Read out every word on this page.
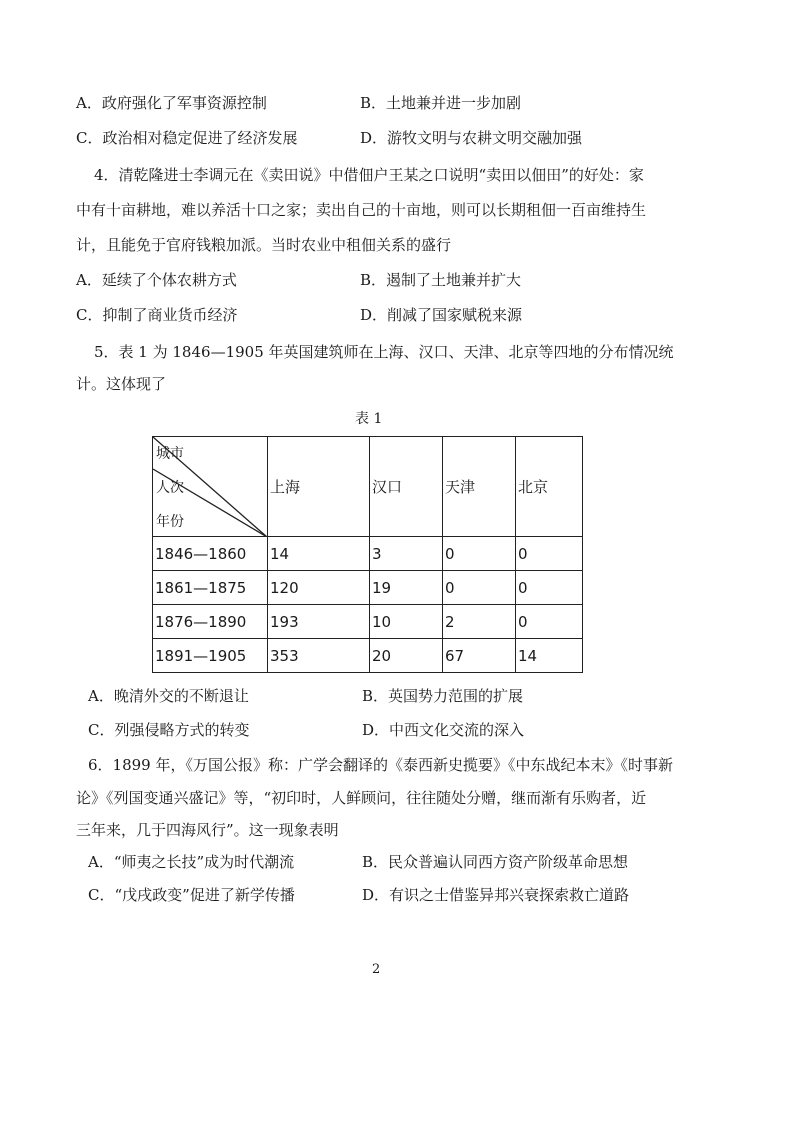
A．政府强化了军事资源控制	B．土地兼并进一步加剧
C．政治相对稳定促进了经济发展	D．游牧文明与农耕文明交融加强
4．清乾隆进士李调元在《卖田说》中借佃户王某之口说明“卖田以佃田”的好处：家
中有十亩耕地，难以养活十口之家；卖出自己的十亩地，则可以长期租佃一百亩维持生
计，且能免于官府钱粮加派。当时农业中租佃关系的盛行
A．延续了个体农耕方式	B．遏制了土地兼并扩大
C．抑制了商业货币经济	D．削减了国家赋税来源
5．表 1 为 1846—1905 年英国建筑师在上海、汉口、天津、北京等四地的分布情况统
计。这体现了
表 1
城市
人次
年份	上海	汉口	天津	北京
1846—1860	14	3	0	0
1861—1875	120	19	0	0
1876—1890	193	10	2	0
1891—1905	353	20	67	14
A．晚清外交的不断退让	B．英国势力范围的扩展
C．列强侵略方式的转变	D．中西文化交流的深入
6．1899 年，《万国公报》称：广学会翻译的《泰西新史揽要》《中东战纪本末》《时事新
论》《列国变通兴盛记》等，“初印时，人鲜顾问，往往随处分赠，继而渐有乐购者，近
三年来，几于四海风行”。这一现象表明
A．“师夷之长技”成为时代潮流	B．民众普遍认同西方资产阶级革命思想
C．“戊戌政变”促进了新学传播	D．有识之士借鉴异邦兴衰探索救亡道路
2
